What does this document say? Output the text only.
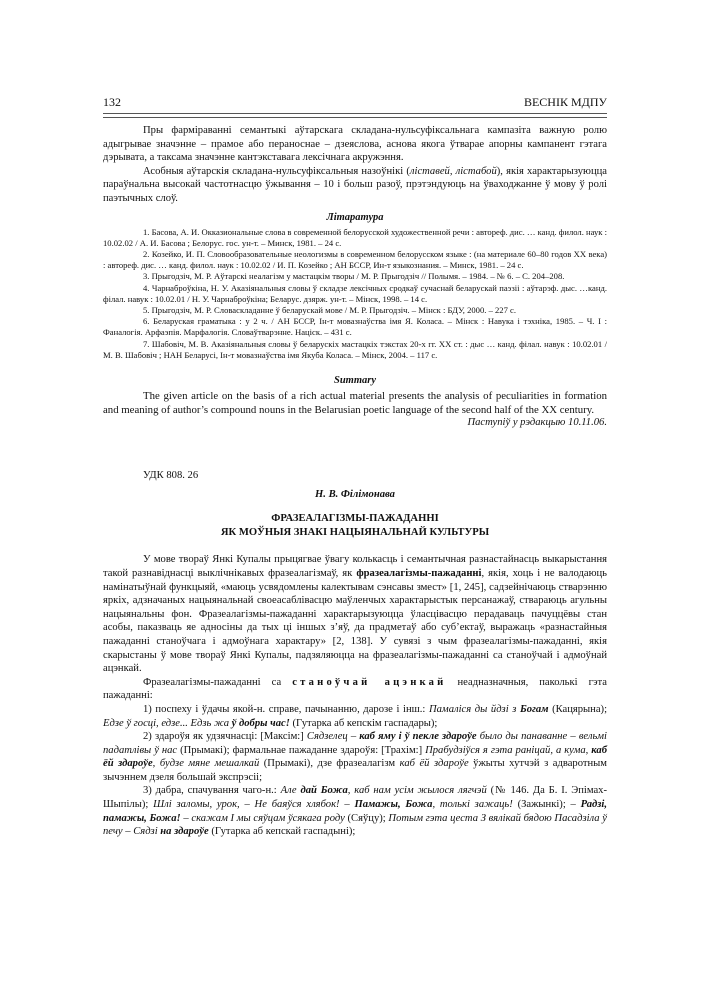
132	ВЕСНІК МДПУ

Пры фарміраванні семантыкі аўтарскага складана-нульсуфіксальнага кампазіта важную ролю адыгрывае значэнне – прамое або пераноснае – дзеяслова, аснова якога ўтварае апорны кампанент гэтага дэрывата, а таксама значэнне кантэкставага лексічнага акружэння.

Асобныя аўтарскія складана-нульсуфіксальныя назоўнікі (ліставей, лістабой), якія характарызуюцца параўнальна высокай частотнасцю ўжывання – 10 і больш разоў, прэтэндуюць на ўваходжанне ў мову ў ролі паэтычных слоў.

Літаратура

1. Басова, А. И. Окказиональные слова в современной белорусской художественной речи : автореф. дис. … канд. филол. наук : 10.02.02 / А. И. Басова ; Белорус. гос. ун-т. – Минск, 1981. – 24 с.

2. Козейко, И. П. Словообразовательные неологизмы в современном белорусском языке : (на материале 60–80 годов XX века) : автореф. дис. … канд. филол. наук : 10.02.02 / И. П. Козейко ; АН БССР, Ин-т языкознания. – Минск, 1981. – 24 с.

3. Прыгодзіч, М. Р. Аўтарскі неалагізм у мастацкім творы / М. Р. Прыгодзіч // Полымя. – 1984. – № 6. – С. 204–208.

4. Чарнаброўкіна, Н. У. Аказіянальныя словы ў складзе лексічных сродкаў сучаснай беларускай паэзіі : аўтарэф. дыс. …канд. філал. навук : 10.02.01 / Н. У. Чарнаброўкіна; Беларус. дзярж. ун-т. – Мінск, 1998. – 14 с.

5. Прыгодзіч, М. Р. Словаскладанне ў беларускай мове / М. Р. Прыгодзіч. – Мінск : БДУ, 2000. – 227 с.

6. Беларуская граматыка : у 2 ч. / АН БССР, Ін-т мовазнаўства імя Я. Коласа. – Мінск : Навука і тэхніка, 1985. – Ч. І : Фаналогія. Арфаэпія. Марфалогія. Словаўтварэнне. Націск. – 431 с.

7. Шабовіч, М. В. Аказіянальныя словы ў беларускіх мастацкіх тэкстах 20-х гг. XX ст. : дыс … канд. філал. навук : 10.02.01 / М. В. Шабовіч ; НАН Беларусі, Ін-т мовазнаўства імя Якуба Коласа. – Мінск, 2004. – 117 с.

Summary

The given article on the basis of a rich actual material presents the analysis of peculiarities in formation and meaning of author’s compound nouns in the Belarusian poetic language of the second half of the XX century.

Паступіў у рэдакцыю 10.11.06.

УДК 808. 26

Н. В. Філімонава

ФРАЗЕАЛАГІЗМЫ-ПАЖАДАННІ

ЯК МОЎНЫЯ ЗНАКІ НАЦЫЯНАЛЬНАЙ КУЛЬТУРЫ

У мове твораў Янкі Купалы прыцягвае ўвагу колькасць і семантычная разнастайнасць выкарыстання такой разнавіднасці выклічнікавых фразеалагізмаў, як фразеалагізмы-пажаданні, якія, хоць і не валодаюць намінатыўнай функцыяй, «маюць усвядомлены калектывам сэнсавы змест» [1, 245], садзейнічаюць стварэнню яркіх, адзначаных нацыянальнай своеасаблівасцю маўленчых характарыстык персанажаў, ствараюць агульны нацыянальны фон. Фразеалагізмы-пажаданні характарызуюцца ўласцівасцю перадаваць пачуццёвы стан асобы, паказваць яе адносіны да тых ці іншых з’яў, да прадметаў або суб’ектаў, выражаць «разнастайныя пажаданні станоўчага і адмоўнага характару» [2, 138]. У сувязі з чым фразеалагізмы-пажаданні, якія скарыстаны ў мове твораў Янкі Купалы, падзяляюцца на фразеалагізмы-пажаданні са станоўчай і адмоўнай ацэнкай.

Фразеалагізмы-пажаданні са станоўчай ацэнкай неадназначныя, паколькі гэта пажаданні:

1) поспеху і ўдачы якой-н. справе, пачынанню, дарозе і інш.: Памаліся ды йдзі з Богам (Кацярына); Едзе ў госці, едзе... Едзь жа ў добры час! (Гутарка аб кепскім гаспадары);

2) здароўя як удзячнасці: [Максім:] Сядзелец – каб яму і ў пекле здароўе было ды панаванне – вельмі падатлівы ў нас (Прымакі); фармальнае пажаданне здароўя: [Трахім:] Прабудзіўся я гэта раніцай, а кума, каб ёй здароўе, будзе мяне мешалкай (Прымакі), дзе фразеалагізм каб ёй здароўе ўжыты хутчэй з адваротным зычэннем дзеля большай экспрэсіі;

3) дабра, спачування чаго-н.: Але дай Божа, каб нам усім жылося лягчэй (№ 146. Да Б. І. Эпімах-Шыпілы); Шлі заломы, урок, – Не баяўся хлябок! – Памажы, Божа, толькі зажаць! (Зажынкі); – Радзі, памажы, Божа! – скажам І мы сяўцам ўсякага роду (Сяўцу); Потым гэта цеста З вялікай бядою Пасадзіла ў печу – Сядзі на здароўе (Гутарка аб кепскай гаспадыні);
